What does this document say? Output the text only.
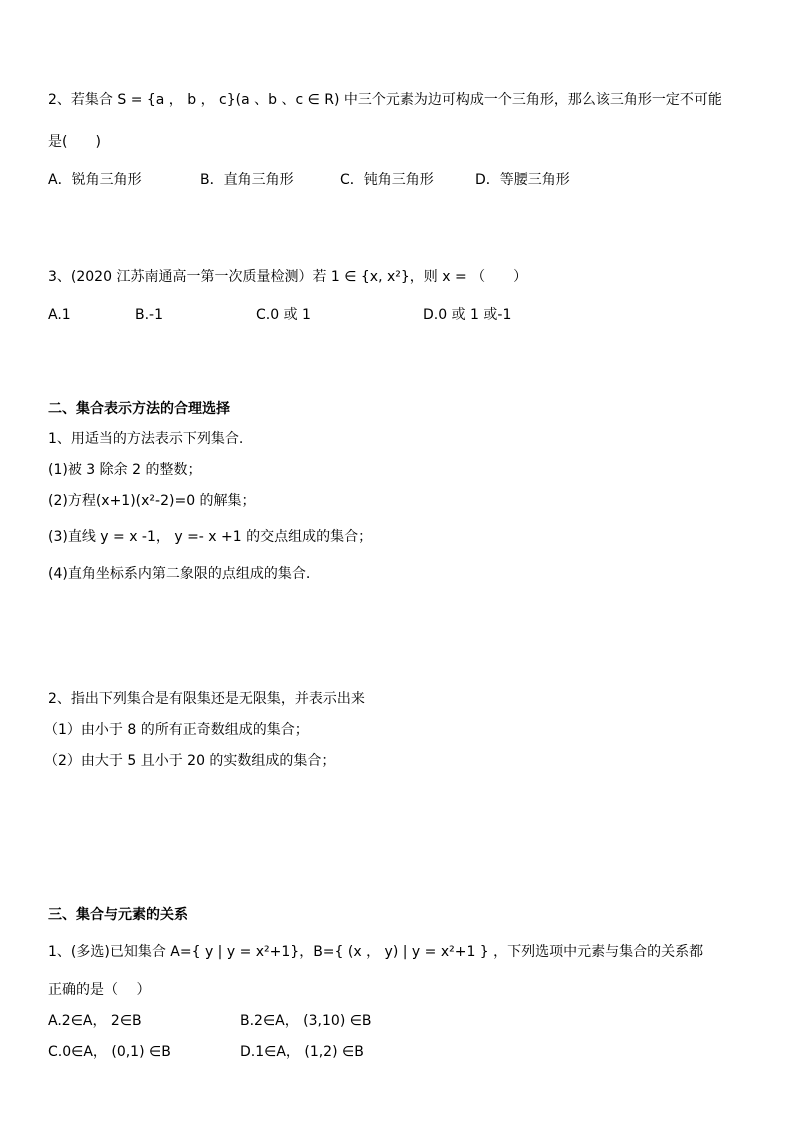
2、若集合 S = {a ， b ， c}(a 、b 、c ∈ R) 中三个元素为边可构成一个三角形，那么该三角形一定不可能
是(　　)
A．锐角三角形	B．直角三角形	C．钝角三角形	D．等腰三角形
3、(2020 江苏南通高一第一次质量检测）若 1 ∈ {x, x²}，则 x = （　　）
A.1	B.-1	C.0 或 1	D.0 或 1 或-1
二、集合表示方法的合理选择
1、用适当的方法表示下列集合.
(1)被 3 除余 2 的整数；
(2)方程(x+1)(x²-2)=0 的解集；
(3)直线 y = x -1， y =- x +1 的交点组成的集合；
(4)直角坐标系内第二象限的点组成的集合.
2、指出下列集合是有限集还是无限集，并表示出来
（1）由小于 8 的所有正奇数组成的集合；
（2）由大于 5 且小于 20 的实数组成的集合；
三、集合与元素的关系
1、(多选)已知集合 A={ y | y = x²+1}，B={ (x ， y) | y = x²+1 } ，下列选项中元素与集合的关系都
正确的是（　 ）
A.2∈A， 2∈B	B.2∈A， (3,10) ∈B
C.0∈A， (0,1) ∈B	D.1∈A， (1,2) ∈B
